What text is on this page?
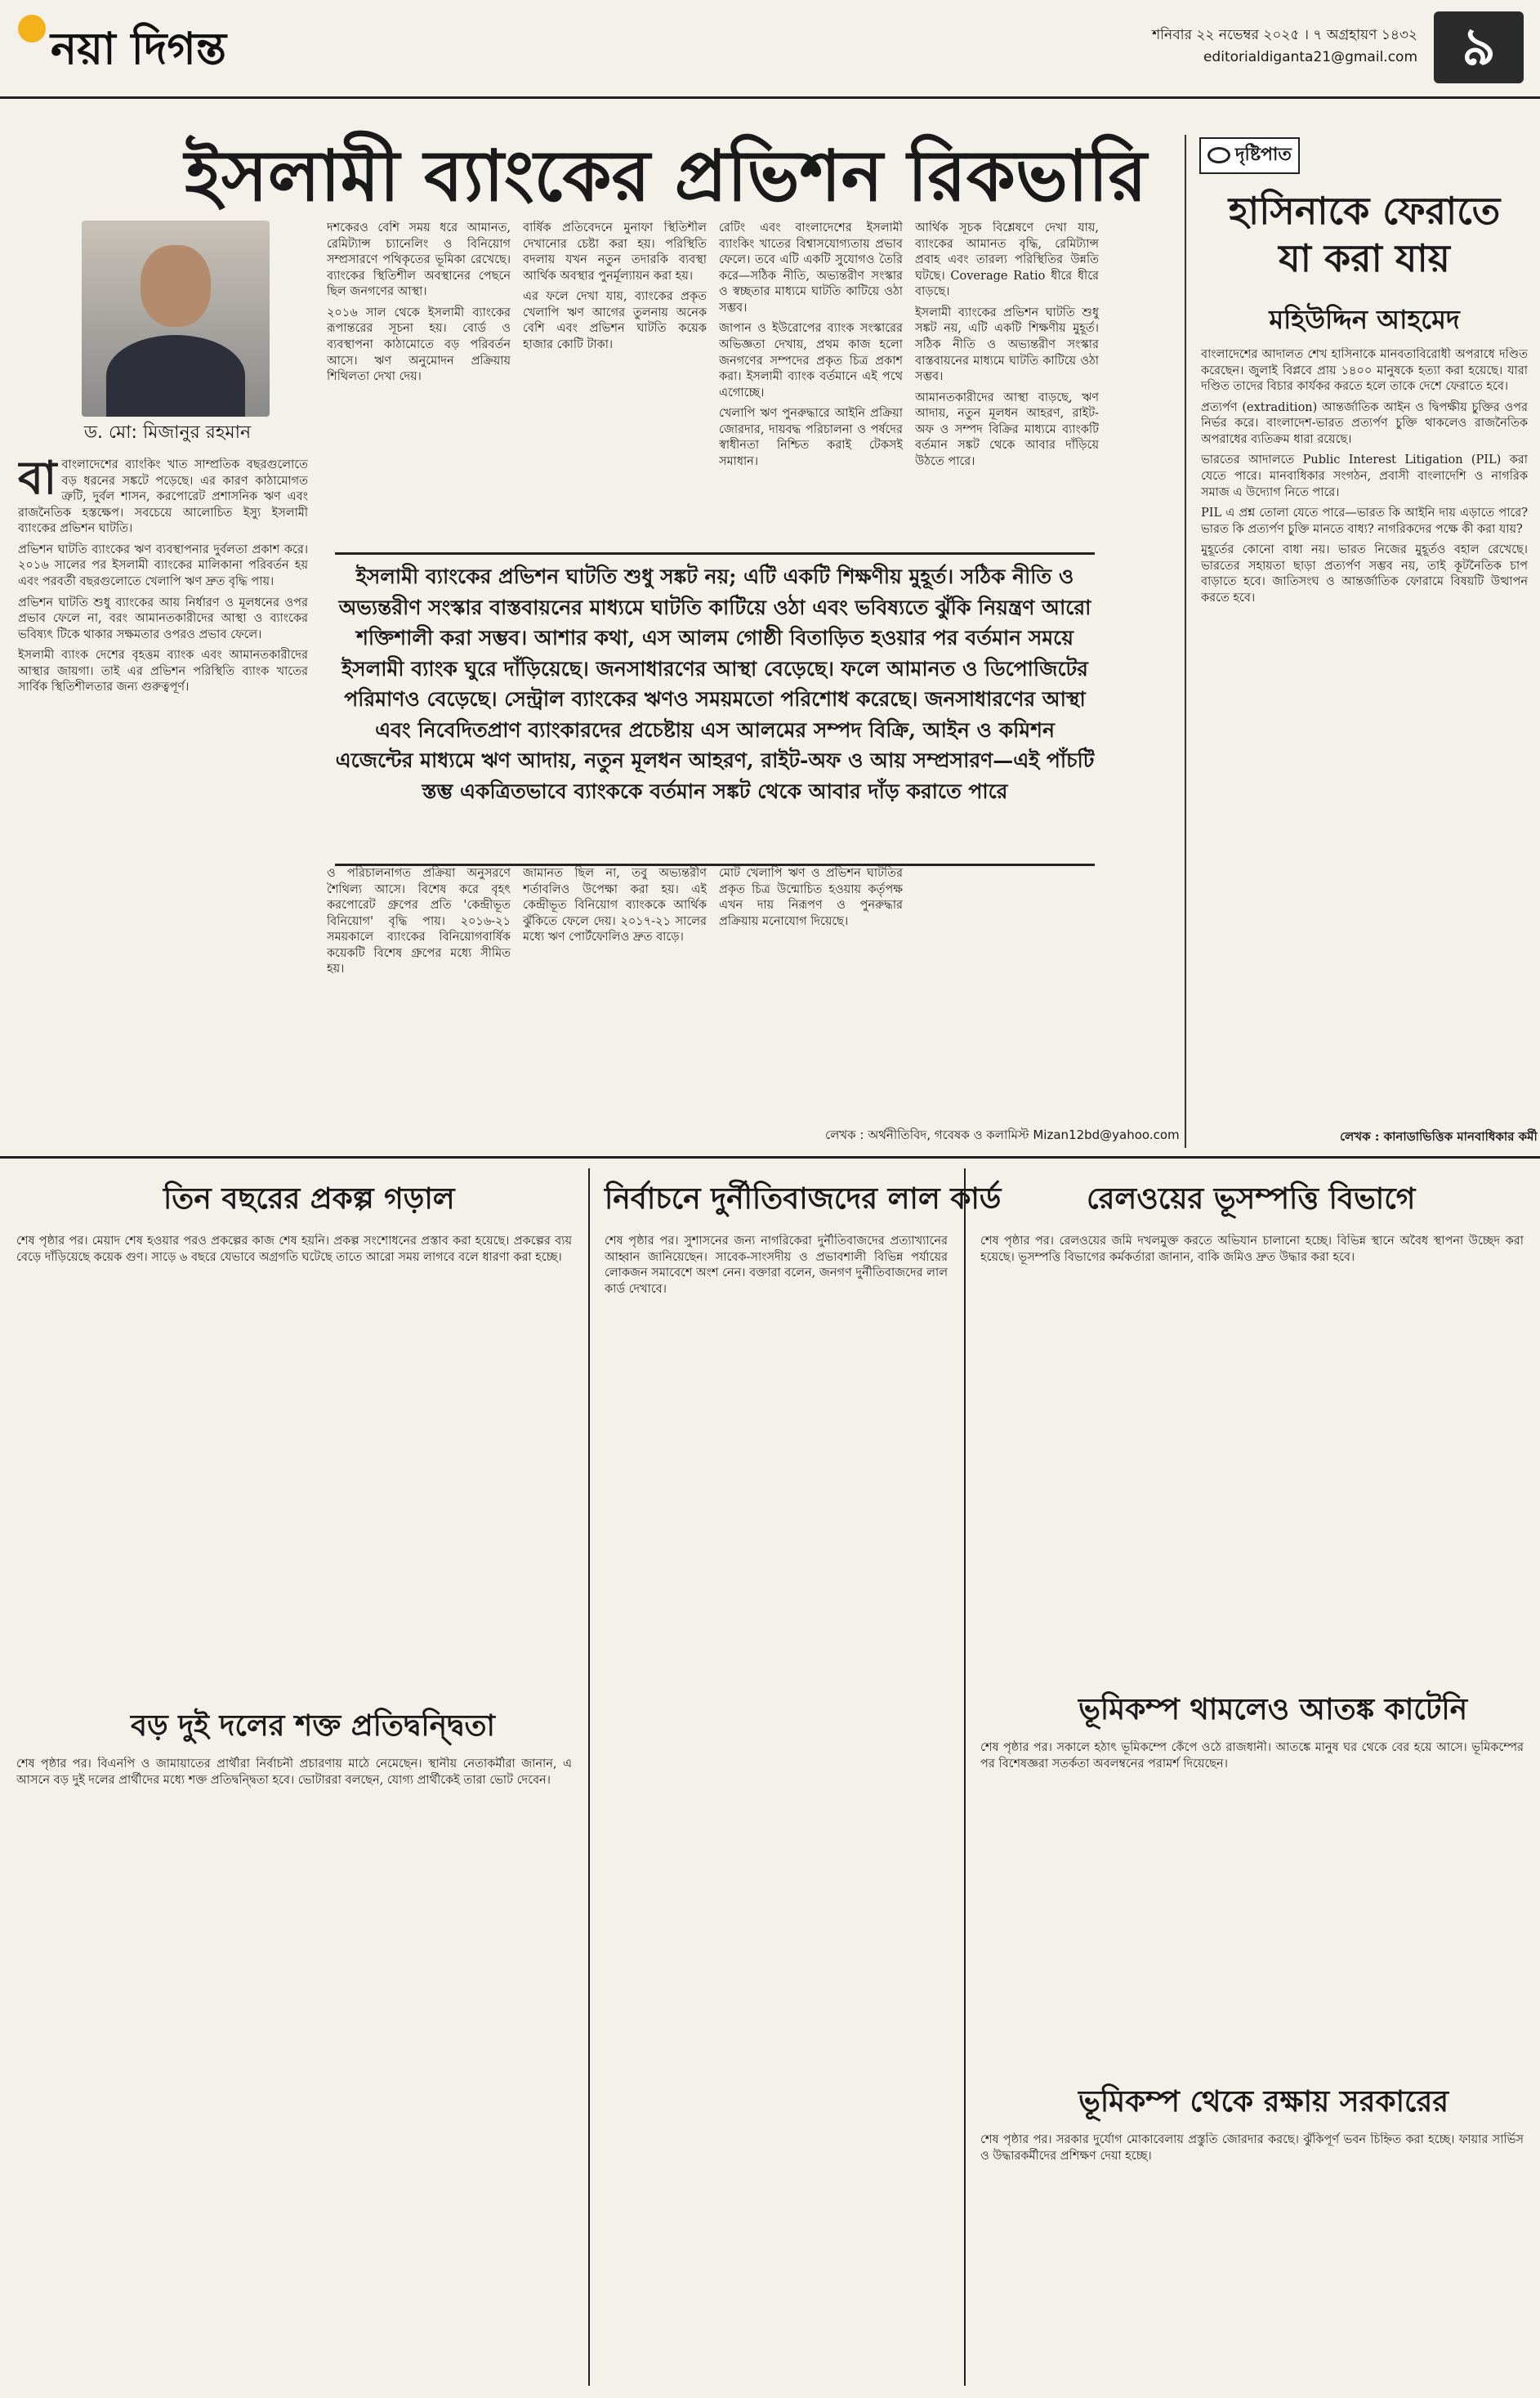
নয়া দিগন্ত	শনিবার ২২ নভেম্বর ২০২৫ । ৭ অগ্রহায়ণ ১৪৩২
editorialdiganta21@gmail.com ৯
ইসলামী ব্যাংকের প্রভিশন রিকভারি
ড. মো: মিজানুর রহমান

বাবাংলাদেশের ব্যাংকিং খাত সাম্প্রতিক বছরগুলোতে বড় ধরনের সঙ্কটে পড়েছে। এর কারণ কাঠামোগত ত্রুটি, দুর্বল শাসন, করপোরেট প্রশাসনিক ঋণ এবং রাজনৈতিক হস্তক্ষেপ। সবচেয়ে আলোচিত ইস্যু ইসলামী ব্যাংকের প্রভিশন ঘাটতি।

প্রভিশন ঘাটতি ব্যাংকের ঋণ ব্যবস্থাপনার দুর্বলতা প্রকাশ করে। ২০১৬ সালের পর ইসলামী ব্যাংকের মালিকানা পরিবর্তন হয় এবং পরবর্তী বছরগুলোতে খেলাপি ঋণ দ্রুত বৃদ্ধি পায়।

প্রভিশন ঘাটতি শুধু ব্যাংকের আয় নির্ধারণ ও মূলধনের ওপর প্রভাব ফেলে না, বরং আমানতকারীদের আস্থা ও ব্যাংকের ভবিষ্যৎ টিকে থাকার সক্ষমতার ওপরও প্রভাব ফেলে।

ইসলামী ব্যাংক দেশের বৃহত্তম ব্যাংক এবং আমানতকারীদের আস্থার জায়গা। তাই এর প্রভিশন পরিস্থিতি ব্যাংক খাতের সার্বিক স্থিতিশীলতার জন্য গুরুত্বপূর্ণ।

দশকেরও বেশি সময় ধরে আমানত, রেমিট্যান্স চ্যানেলিং ও বিনিয়োগ সম্প্রসারণে পথিকৃতের ভূমিকা রেখেছে। ব্যাংকের স্থিতিশীল অবস্থানের পেছনে ছিল জনগণের আস্থা।

২০১৬ সাল থেকে ইসলামী ব্যাংকের রূপান্তরের সূচনা হয়। বোর্ড ও ব্যবস্থাপনা কাঠামোতে বড় পরিবর্তন আসে। ঋণ অনুমোদন প্রক্রিয়ায় শিথিলতা দেখা দেয়।

বার্ষিক প্রতিবেদনে মুনাফা স্থিতিশীল দেখানোর চেষ্টা করা হয়। পরিস্থিতি বদলায় যখন নতুন তদারকি ব্যবস্থা আর্থিক অবস্থার পুনর্মূল্যায়ন করা হয়।

এর ফলে দেখা যায়, ব্যাংকের প্রকৃত খেলাপি ঋণ আগের তুলনায় অনেক বেশি এবং প্রভিশন ঘাটতি কয়েক হাজার কোটি টাকা।

রেটিং এবং বাংলাদেশের ইসলামী ব্যাংকিং খাতের বিশ্বাসযোগ্যতায় প্রভাব ফেলে। তবে এটি একটি সুযোগও তৈরি করে—সঠিক নীতি, অভ্যন্তরীণ সংস্কার ও স্বচ্ছতার মাধ্যমে ঘাটতি কাটিয়ে ওঠা সম্ভব।

জাপান ও ইউরোপের ব্যাংক সংস্কারের অভিজ্ঞতা দেখায়, প্রথম কাজ হলো জনগণের সম্পদের প্রকৃত চিত্র প্রকাশ করা। ইসলামী ব্যাংক বর্তমানে এই পথে এগোচ্ছে।

খেলাপি ঋণ পুনরুদ্ধারে আইনি প্রক্রিয়া জোরদার, দায়বদ্ধ পরিচালনা ও পর্ষদের স্বাধীনতা নিশ্চিত করাই টেকসই সমাধান।

আর্থিক সূচক বিশ্লেষণে দেখা যায়, ব্যাংকের আমানত বৃদ্ধি, রেমিট্যান্স প্রবাহ এবং তারল্য পরিস্থিতির উন্নতি ঘটছে। Coverage Ratio ধীরে ধীরে বাড়ছে।

ইসলামী ব্যাংকের প্রভিশন ঘাটতি শুধু সঙ্কট নয়, এটি একটি শিক্ষণীয় মুহূর্ত। সঠিক নীতি ও অভ্যন্তরীণ সংস্কার বাস্তবায়নের মাধ্যমে ঘাটতি কাটিয়ে ওঠা সম্ভব।

আমানতকারীদের আস্থা বাড়ছে, ঋণ আদায়, নতুন মূলধন আহরণ, রাইট-অফ ও সম্পদ বিক্রির মাধ্যমে ব্যাংকটি বর্তমান সঙ্কট থেকে আবার দাঁড়িয়ে উঠতে পারে।

ইসলামী ব্যাংকের প্রভিশন ঘাটতি শুধু সঙ্কট নয়; এটি একটি শিক্ষণীয় মুহূর্ত। সঠিক নীতি ও অভ্যন্তরীণ সংস্কার বাস্তবায়নের মাধ্যমে ঘাটতি কাটিয়ে ওঠা এবং ভবিষ্যতে ঝুঁকি নিয়ন্ত্রণ আরো শক্তিশালী করা সম্ভব। আশার কথা, এস আলম গোষ্ঠী বিতাড়িত হওয়ার পর বর্তমান সময়ে ইসলামী ব্যাংক ঘুরে দাঁড়িয়েছে। জনসাধারণের আস্থা বেড়েছে। ফলে আমানত ও ডিপোজিটের পরিমাণও বেড়েছে। সেন্ট্রাল ব্যাংকের ঋণও সময়মতো পরিশোধ করেছে। জনসাধারণের আস্থা এবং নিবেদিতপ্রাণ ব্যাংকারদের প্রচেষ্টায় এস আলমের সম্পদ বিক্রি, আইন ও কমিশন এজেন্টের মাধ্যমে ঋণ আদায়, নতুন মূলধন আহরণ, রাইট-অফ ও আয় সম্প্রসারণ—এই পাঁচটি স্তম্ভ একত্রিতভাবে ব্যাংককে বর্তমান সঙ্কট থেকে আবার দাঁড় করাতে পারে
ও পরিচালনাগত প্রক্রিয়া অনুসরণে শৈথিল্য আসে। বিশেষ করে বৃহৎ করপোরেট গ্রুপের প্রতি 'কেন্দ্রীভূত বিনিয়োগ' বৃদ্ধি পায়। ২০১৬-২১ সময়কালে ব্যাংকের বিনিয়োগবার্ষিক কয়েকটি বিশেষ গ্রুপের মধ্যে সীমিত হয়।
জামানত ছিল না, তবু অভ্যন্তরীণ শর্তাবলিও উপেক্ষা করা হয়। এই কেন্দ্রীভূত বিনিয়োগ ব্যাংককে আর্থিক ঝুঁকিতে ফেলে দেয়। ২০১৭-২১ সালের মধ্যে ঋণ পোর্টফোলিও দ্রুত বাড়ে।
মোট খেলাপি ঋণ ও প্রভিশন ঘাটতির প্রকৃত চিত্র উন্মোচিত হওয়ায় কর্তৃপক্ষ এখন দায় নিরূপণ ও পুনরুদ্ধার প্রক্রিয়ায় মনোযোগ দিয়েছে।
লেখক : অর্থনীতিবিদ, গবেষক ও কলামিস্ট Mizan12bd@yahoo.com
দৃষ্টিপাত
হাসিনাকে ফেরাতে
যা করা যায়
মহিউদ্দিন আহমেদ

বাংলাদেশের আদালত শেখ হাসিনাকে মানবতাবিরোধী অপরাধে দণ্ডিত করেছেন। জুলাই বিপ্লবে প্রায় ১৪০০ মানুষকে হত্যা করা হয়েছে। যারা দণ্ডিত তাদের বিচার কার্যকর করতে হলে তাকে দেশে ফেরাতে হবে।

প্রত্যর্পণ (extradition) আন্তর্জাতিক আইন ও দ্বিপক্ষীয় চুক্তির ওপর নির্ভর করে। বাংলাদেশ-ভারত প্রত্যর্পণ চুক্তি থাকলেও রাজনৈতিক অপরাধের ব্যতিক্রম ধারা রয়েছে।

ভারতের আদালতে Public Interest Litigation (PIL) করা যেতে পারে। মানবাধিকার সংগঠন, প্রবাসী বাংলাদেশি ও নাগরিক সমাজ এ উদ্যোগ নিতে পারে।

PIL এ প্রশ্ন তোলা যেতে পারে—ভারত কি আইনি দায় এড়াতে পারে? ভারত কি প্রত্যর্পণ চুক্তি মানতে বাধ্য? নাগরিকদের পক্ষে কী করা যায়?

মুহূর্তের কোনো বাধা নয়। ভারত নিজের মুহূর্তও বহাল রেখেছে। ভারতের সহায়তা ছাড়া প্রত্যর্পণ সম্ভব নয়, তাই কূটনৈতিক চাপ বাড়াতে হবে। জাতিসংঘ ও আন্তর্জাতিক ফোরামে বিষয়টি উত্থাপন করতে হবে।

লেখক : কানাডাভিত্তিক মানবাধিকার কর্মী
তিন বছরের প্রকল্প গড়াল
শেষ পৃষ্ঠার পর। মেয়াদ শেষ হওয়ার পরও প্রকল্পের কাজ শেষ হয়নি। প্রকল্প সংশোধনের প্রস্তাব করা হয়েছে। প্রকল্পের ব্যয় বেড়ে দাঁড়িয়েছে কয়েক গুণ। সাড়ে ৬ বছরে যেভাবে অগ্রগতি ঘটেছে তাতে আরো সময় লাগবে বলে ধারণা করা হচ্ছে।
বড় দুই দলের শক্ত প্রতিদ্বন্দ্বিতা
শেষ পৃষ্ঠার পর। বিএনপি ও জামায়াতের প্রার্থীরা নির্বাচনী প্রচারণায় মাঠে নেমেছেন। স্থানীয় নেতাকর্মীরা জানান, এ আসনে বড় দুই দলের প্রার্থীদের মধ্যে শক্ত প্রতিদ্বন্দ্বিতা হবে। ভোটাররা বলছেন, যোগ্য প্রার্থীকেই তারা ভোট দেবেন।
নির্বাচনে দুর্নীতিবাজদের লাল কার্ড
শেষ পৃষ্ঠার পর। সুশাসনের জন্য নাগরিকেরা দুর্নীতিবাজদের প্রত্যাখ্যানের আহ্বান জানিয়েছেন। সাবেক-সাংসদীয় ও প্রভাবশালী বিভিন্ন পর্যায়ের লোকজন সমাবেশে অংশ নেন। বক্তারা বলেন, জনগণ দুর্নীতিবাজদের লাল কার্ড দেখাবে।
রেলওয়ের ভূসম্পত্তি বিভাগে
শেষ পৃষ্ঠার পর। রেলওয়ের জমি দখলমুক্ত করতে অভিযান চালানো হচ্ছে। বিভিন্ন স্থানে অবৈধ স্থাপনা উচ্ছেদ করা হয়েছে। ভূসম্পত্তি বিভাগের কর্মকর্তারা জানান, বাকি জমিও দ্রুত উদ্ধার করা হবে।
ভূমিকম্প থামলেও আতঙ্ক কাটেনি
শেষ পৃষ্ঠার পর। সকালে হঠাৎ ভূমিকম্পে কেঁপে ওঠে রাজধানী। আতঙ্কে মানুষ ঘর থেকে বের হয়ে আসে। ভূমিকম্পের পর বিশেষজ্ঞরা সতর্কতা অবলম্বনের পরামর্শ দিয়েছেন।
ভূমিকম্প থেকে রক্ষায় সরকারের
শেষ পৃষ্ঠার পর। সরকার দুর্যোগ মোকাবেলায় প্রস্তুতি জোরদার করছে। ঝুঁকিপূর্ণ ভবন চিহ্নিত করা হচ্ছে। ফায়ার সার্ভিস ও উদ্ধারকর্মীদের প্রশিক্ষণ দেয়া হচ্ছে।
